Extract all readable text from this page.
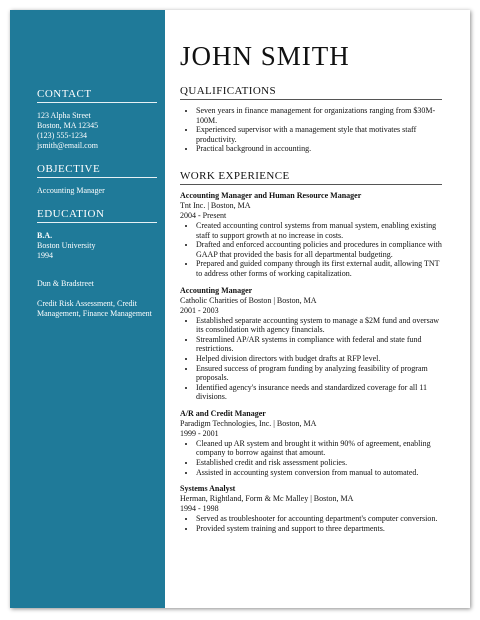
CONTACT
123 Alpha Street
Boston, MA 12345
(123) 555-1234
jsmith@email.com
OBJECTIVE
Accounting Manager
EDUCATION
B.A.
Boston University
1994
Dun & Bradstreet
Credit Risk Assessment, Credit Management, Finance Management
JOHN SMITH
QUALIFICATIONS
• Seven years in finance management for organizations ranging from $30M-100M.
• Experienced supervisor with a management style that motivates staff productivity.
• Practical background in accounting.
WORK EXPERIENCE
Accounting Manager and Human Resource Manager
Tnt Inc. | Boston, MA
2004 - Present
• Created accounting control systems from manual system, enabling existing staff to support growth at no increase in costs.
• Drafted and enforced accounting policies and procedures in compliance with GAAP that provided the basis for all departmental budgeting.
• Prepared and guided company through its first external audit, allowing TNT to address other forms of working capitalization.
Accounting Manager
Catholic Charities of Boston | Boston, MA
2001 - 2003
• Established separate accounting system to manage a $2M fund and oversaw its consolidation with agency financials.
• Streamlined AP/AR systems in compliance with federal and state fund restrictions.
• Helped division directors with budget drafts at RFP level.
• Ensured success of program funding by analyzing feasibility of program proposals.
• Identified agency's insurance needs and standardized coverage for all 11 divisions.
A/R and Credit Manager
Paradigm Technologies, Inc. | Boston, MA
1999 - 2001
• Cleaned up AR system and brought it within 90% of agreement, enabling company to borrow against that amount.
• Established credit and risk assessment policies.
• Assisted in accounting system conversion from manual to automated.
Systems Analyst
Herman, Rightland, Form & Mc Malley | Boston, MA
1994 - 1998
• Served as troubleshooter for accounting department's computer conversion.
• Provided system training and support to three departments.
